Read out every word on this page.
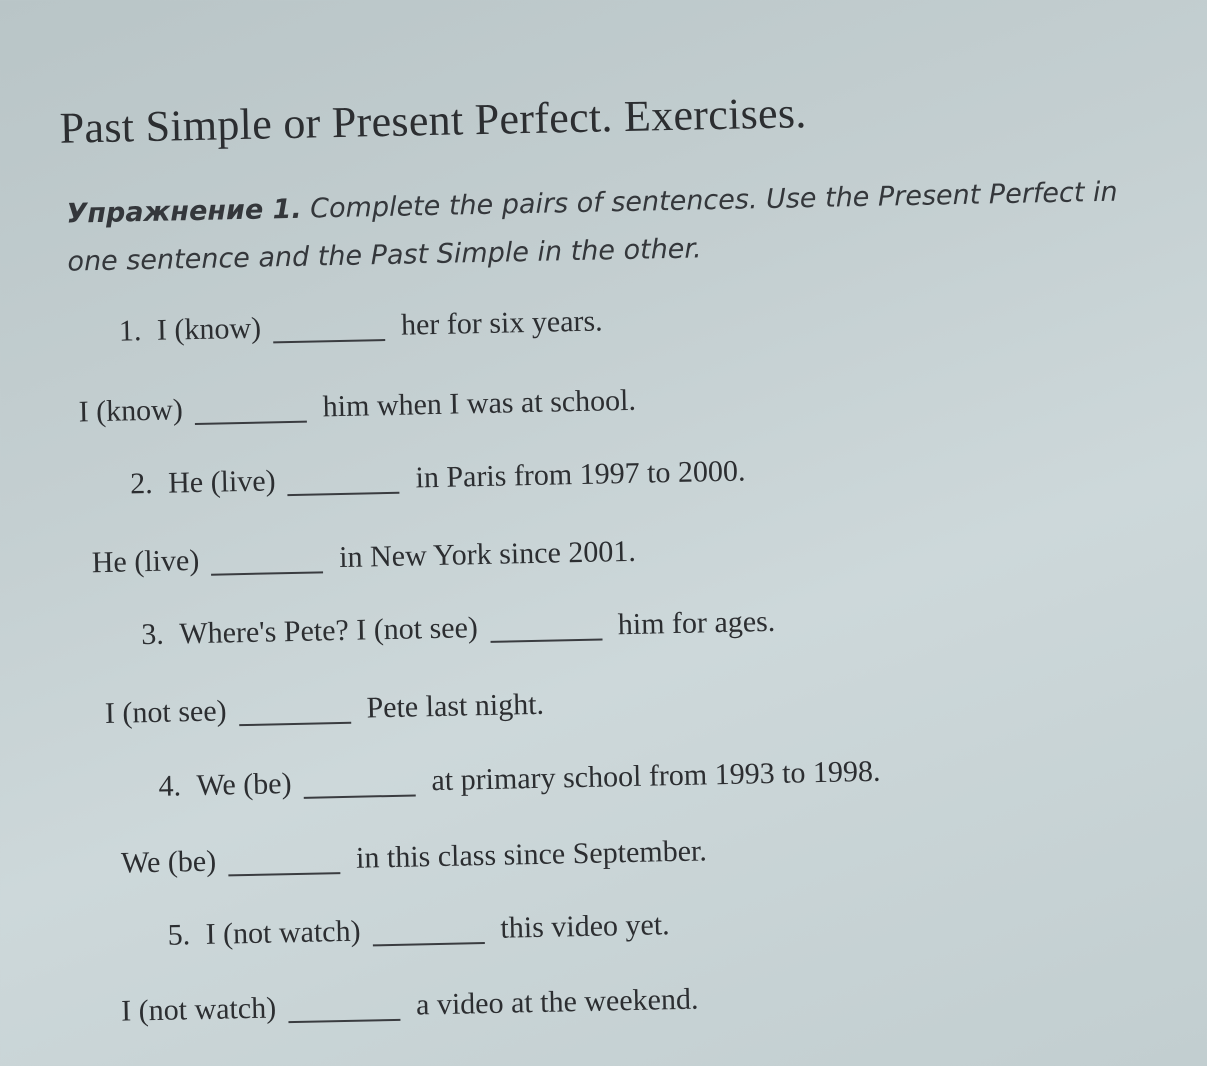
Past Simple or Present Perfect. Exercises.
Упражнение 1. Complete the pairs of sentences. Use the Present Perfect in one sentence and the Past Simple in the other.
1. I (know)	her for six years.
I (know)	him when I was at school.
2. He (live)	in Paris from 1997 to 2000.
He (live)	in New York since 2001.
3. Where's Pete? I (not see)	him for ages.
I (not see)	Pete last night.
4. We (be)	at primary school from 1993 to 1998.
We (be)	in this class since September.
5. I (not watch)	this video yet.
I (not watch)	a video at the weekend.
